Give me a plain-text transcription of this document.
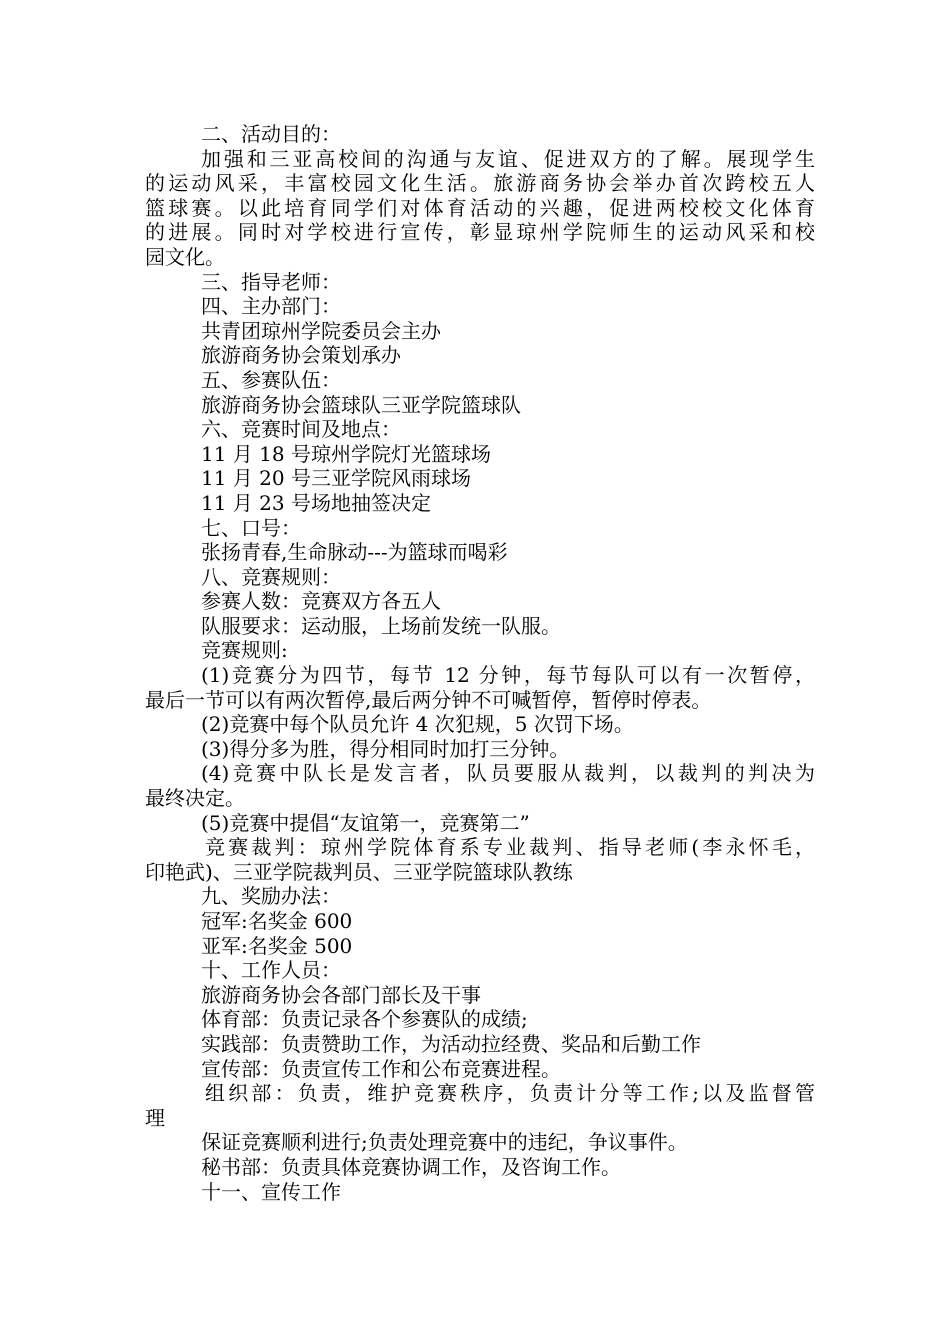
二、活动目的：

加强和三亚高校间的沟通与友谊、促进双方的了解。展现学生

的运动风采，丰富校园文化生活。旅游商务协会举办首次跨校五人

篮球赛。以此培育同学们对体育活动的兴趣，促进两校校文化体育

的进展。同时对学校进行宣传，彰显琼州学院师生的运动风采和校

园文化。

三、指导老师：

四、主办部门：

共青团琼州学院委员会主办

旅游商务协会策划承办

五、参赛队伍：

旅游商务协会篮球队三亚学院篮球队

六、竞赛时间及地点：

11 月 18 号琼州学院灯光篮球场

11 月 20 号三亚学院风雨球场

11 月 23 号场地抽签决定

七、口号：

张扬青春,生命脉动---为篮球而喝彩

八、竞赛规则：

参赛人数：竞赛双方各五人

队服要求：运动服，上场前发统一队服。

竞赛规则:

(1)竞赛分为四节，每节 12 分钟，每节每队可以有一次暂停，

最后一节可以有两次暂停,最后两分钟不可喊暂停，暂停时停表。

(2)竞赛中每个队员允许 4 次犯规，5 次罚下场。

(3)得分多为胜，得分相同时加打三分钟。

(4)竞赛中队长是发言者，队员要服从裁判，以裁判的判决为

最终决定。

(5)竞赛中提倡“友谊第一，竞赛第二”

竞赛裁判：琼州学院体育系专业裁判、指导老师(李永怀毛，

印艳武)、三亚学院裁判员、三亚学院篮球队教练

九、奖励办法：

冠军:名奖金 600

亚军:名奖金 500

十、工作人员：

旅游商务协会各部门部长及干事

体育部：负责记录各个参赛队的成绩;

实践部：负责赞助工作，为活动拉经费、奖品和后勤工作

宣传部：负责宣传工作和公布竞赛进程。

组织部：负责，维护竞赛秩序，负责计分等工作;以及监督管

理

保证竞赛顺利进行;负责处理竞赛中的违纪，争议事件。

秘书部：负责具体竞赛协调工作，及咨询工作。

十一、宣传工作
